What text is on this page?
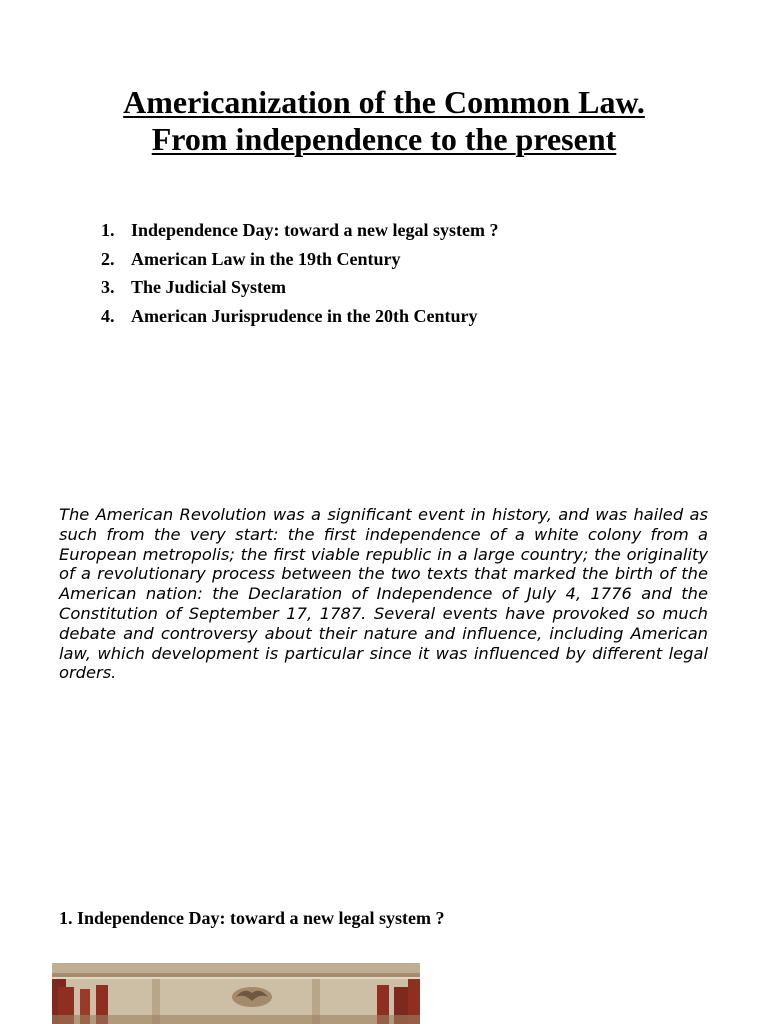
Americanization of the Common Law.
From independence to the present
1. Independence Day: toward a new legal system ?
2. American Law in the 19th Century
3. The Judicial System
4. American Jurisprudence in the 20th Century

The American Revolution was a significant event in history, and was hailed as such from the very start: the first independence of a white colony from a European metropolis; the first viable republic in a large country; the originality of a revolutionary process between the two texts that marked the birth of the American nation: the Declaration of Independence of July 4, 1776 and the Constitution of September 17, 1787. Several events have provoked so much debate and controversy about their nature and influence, including American law, which development is particular since it was influenced by different legal orders.

1. Independence Day: toward a new legal system ?
